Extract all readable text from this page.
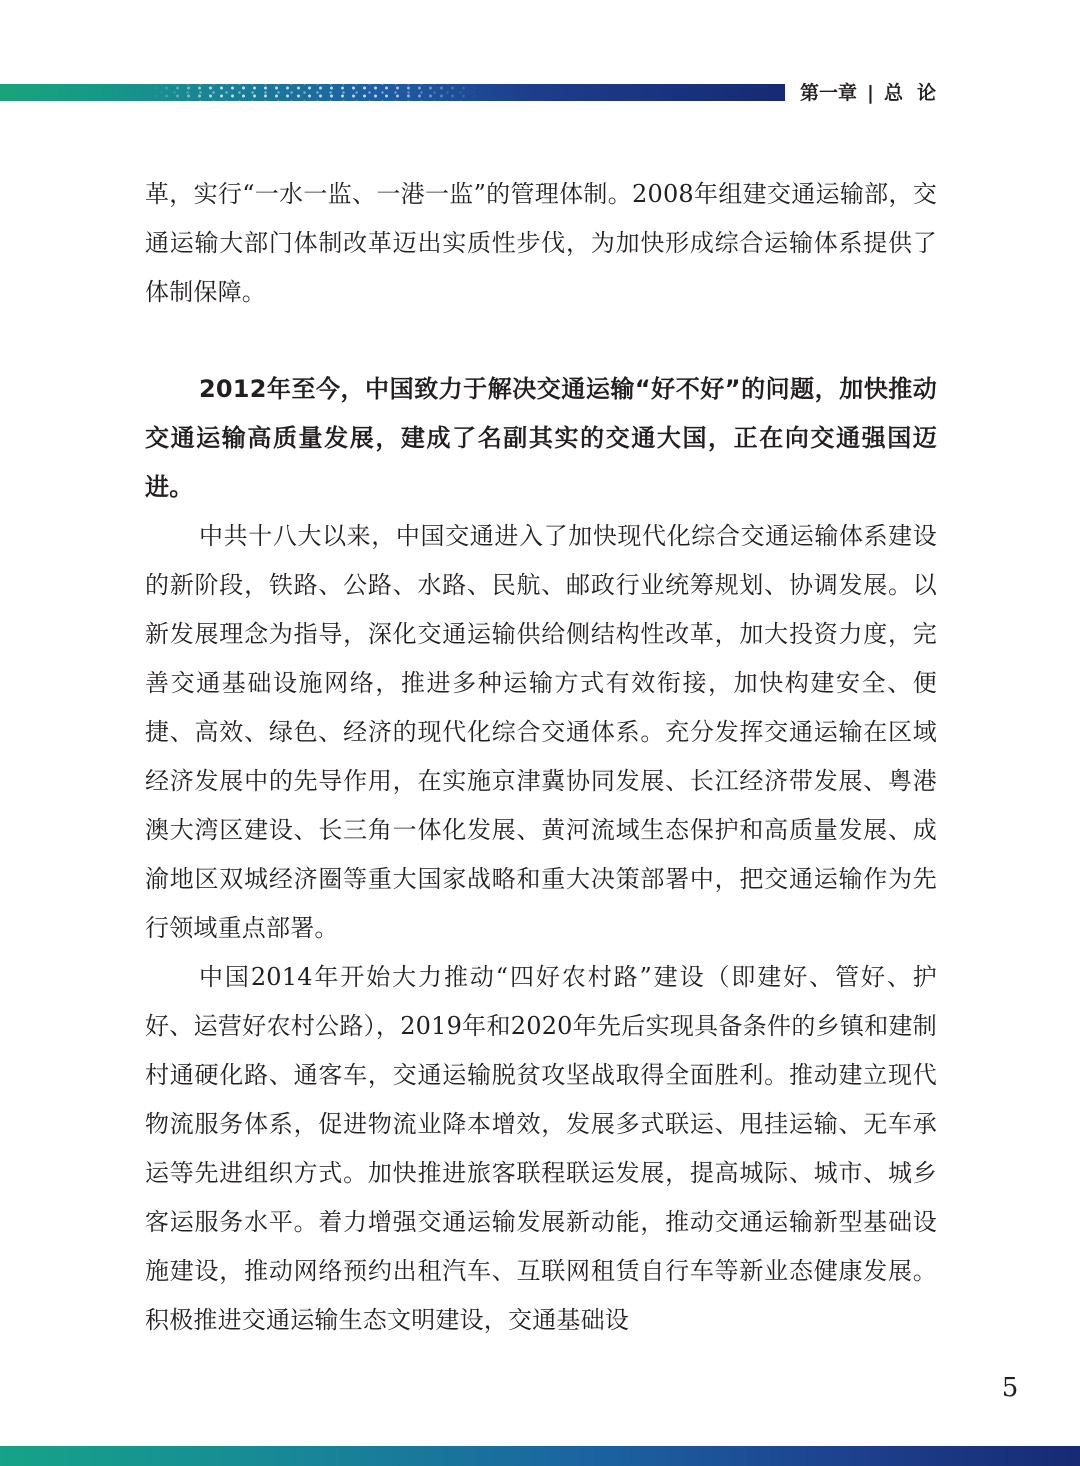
第一章 | 总论

革，实行“一水一监、一港一监”的管理体制。2008年组建交通运输部，交通运输大部门体制改革迈出实质性步伐，为加快形成综合运输体系提供了体制保障。

2012年至今，中国致力于解决交通运输“好不好”的问题，加快推动交通运输高质量发展，建成了名副其实的交通大国，正在向交通强国迈进。

中共十八大以来，中国交通进入了加快现代化综合交通运输体系建设的新阶段，铁路、公路、水路、民航、邮政行业统筹规划、协调发展。以新发展理念为指导，深化交通运输供给侧结构性改革，加大投资力度，完善交通基础设施网络，推进多种运输方式有效衔接，加快构建安全、便捷、高效、绿色、经济的现代化综合交通体系。充分发挥交通运输在区域经济发展中的先导作用，在实施京津冀协同发展、长江经济带发展、粤港澳大湾区建设、长三角一体化发展、黄河流域生态保护和高质量发展、成渝地区双城经济圈等重大国家战略和重大决策部署中，把交通运输作为先行领域重点部署。

中国2014年开始大力推动“四好农村路”建设（即建好、管好、护好、运营好农村公路），2019年和2020年先后实现具备条件的乡镇和建制村通硬化路、通客车，交通运输脱贫攻坚战取得全面胜利。推动建立现代物流服务体系，促进物流业降本增效，发展多式联运、甩挂运输、无车承运等先进组织方式。加快推进旅客联程联运发展，提高城际、城市、城乡客运服务水平。着力增强交通运输发展新动能，推动交通运输新型基础设施建设，推动网络预约出租汽车、互联网租赁自行车等新业态健康发展。积极推进交通运输生态文明建设，交通基础设

5
